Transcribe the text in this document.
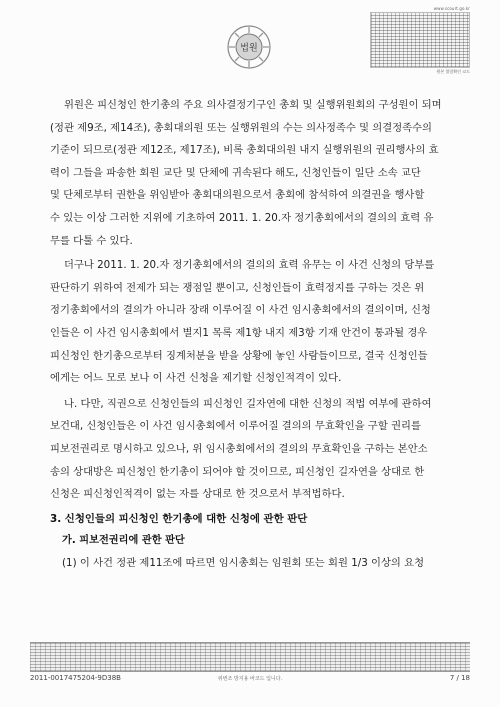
법원
www.scourt.go.kr
원본 열람확인 코드

위원은 피신청인 한기총의 주요 의사결정기구인 총회 및 실행위원회의 구성원이 되며
(정관 제9조, 제14조), 총회대의원 또는 실행위원의 수는 의사정족수 및 의결정족수의
기준이 되므로(정관 제12조, 제17조), 비록 총회대의원 내지 실행위원의 권리행사의 효
력이 그들을 파송한 회원 교단 및 단체에 귀속된다 해도, 신청인들이 일단 소속 교단
및 단체로부터 권한을 위임받아 총회대의원으로서 총회에 참석하여 의결권을 행사할
수 있는 이상 그러한 지위에 기초하여 2011. 1. 20.자 정기총회에서의 결의의 효력 유
무를 다툴 수 있다.

더구나 2011. 1. 20.자 정기총회에서의 결의의 효력 유무는 이 사건 신청의 당부를
판단하기 위하여 전제가 되는 쟁점일 뿐이고, 신청인들이 효력정지를 구하는 것은 위
정기총회에서의 결의가 아니라 장래 이루어질 이 사건 임시총회에서의 결의이며, 신청
인들은 이 사건 임시총회에서 별지1 목록 제1항 내지 제3항 기재 안건이 통과될 경우
피신청인 한기총으로부터 징계처분을 받을 상황에 놓인 사람들이므로, 결국 신청인들
에게는 어느 모로 보나 이 사건 신청을 제기할 신청인적격이 있다.

나. 다만, 직권으로 신청인들의 피신청인 길자연에 대한 신청의 적법 여부에 관하여
보건대, 신청인들은 이 사건 임시총회에서 이루어질 결의의 무효확인을 구할 권리를
피보전권리로 명시하고 있으나, 위 임시총회에서의 결의의 무효확인을 구하는 본안소
송의 상대방은 피신청인 한기총이 되어야 할 것이므로, 피신청인 길자연을 상대로 한
신청은 피신청인적격이 없는 자를 상대로 한 것으로서 부적법하다.

3. 신청인들의 피신청인 한기총에 대한 신청에 관한 판단
가. 피보전권리에 관한 판단

(1) 이 사건 정관 제11조에 따르면 임시총회는 임원회 또는 회원 1/3 이상의 요청

2011-0017475204-9D38B	위변조 방지용 바코드 입니다.	7 / 18
